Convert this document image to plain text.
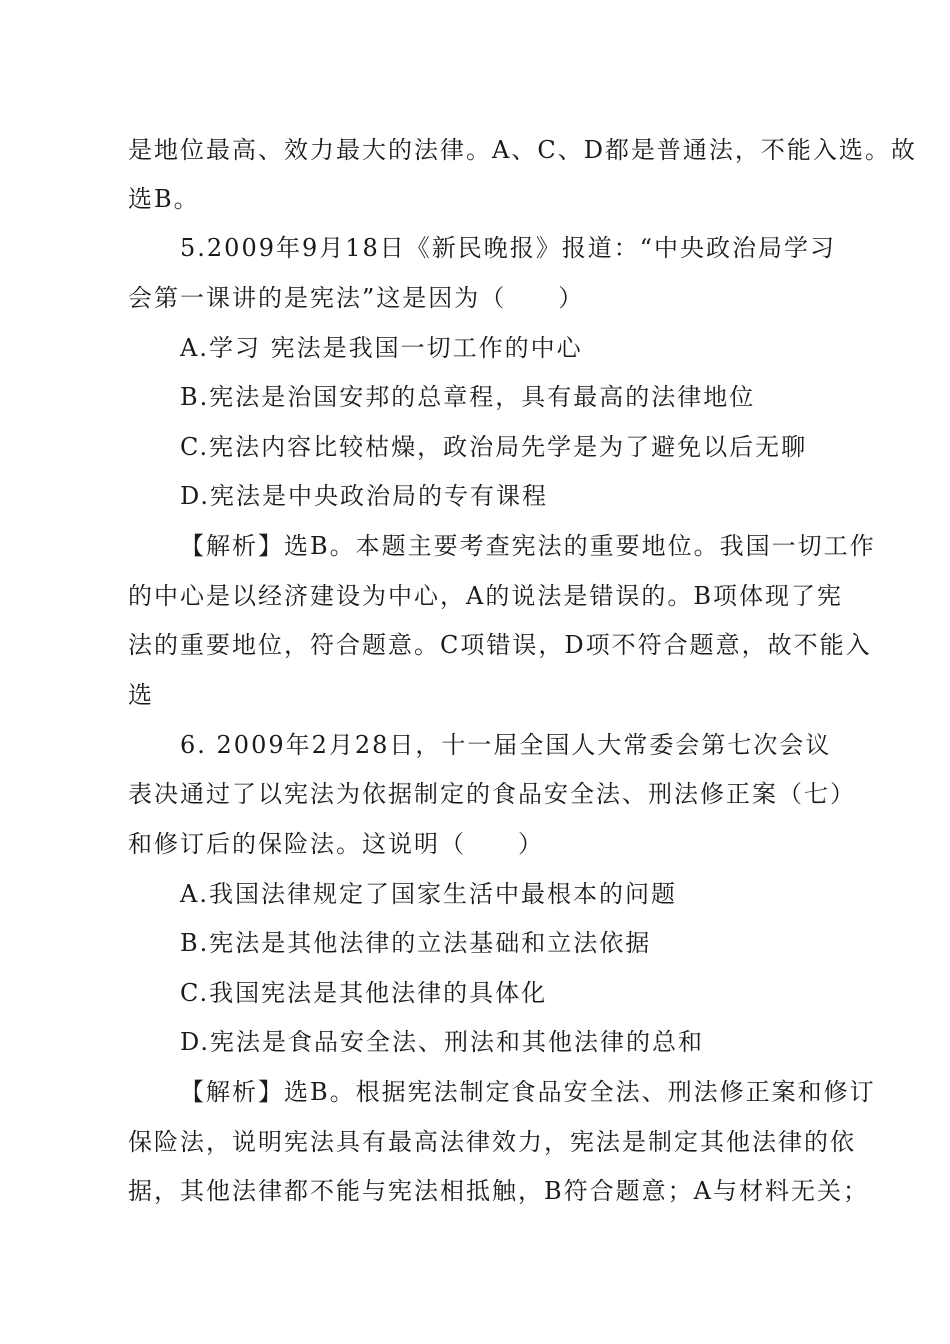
是地位最高、效力最大的法律。A、C、D都是普通法，不能入选。故
选B。
5.2009年9月18日《新民晚报》报道：“中央政治局学习
会第一课讲的是宪法”这是因为（　　）
A.学习 宪法是我国一切工作的中心
B.宪法是治国安邦的总章程，具有最高的法律地位
C.宪法内容比较枯燥，政治局先学是为了避免以后无聊
D.宪法是中央政治局的专有课程
【解析】选B。本题主要考查宪法的重要地位。我国一切工作
的中心是以经济建设为中心，A的说法是错误的。B项体现了宪
法的重要地位，符合题意。C项错误，D项不符合题意，故不能入
选
6. 2009年2月28日，十一届全国人大常委会第七次会议
表决通过了以宪法为依据制定的食品安全法、刑法修正案（七）
和修订后的保险法。这说明（　　）
A.我国法律规定了国家生活中最根本的问题
B.宪法是其他法律的立法基础和立法依据
C.我国宪法是其他法律的具体化
D.宪法是食品安全法、刑法和其他法律的总和
【解析】选B。根据宪法制定食品安全法、刑法修正案和修订
保险法，说明宪法具有最高法律效力，宪法是制定其他法律的依
据，其他法律都不能与宪法相抵触，B符合题意；A与材料无关；
